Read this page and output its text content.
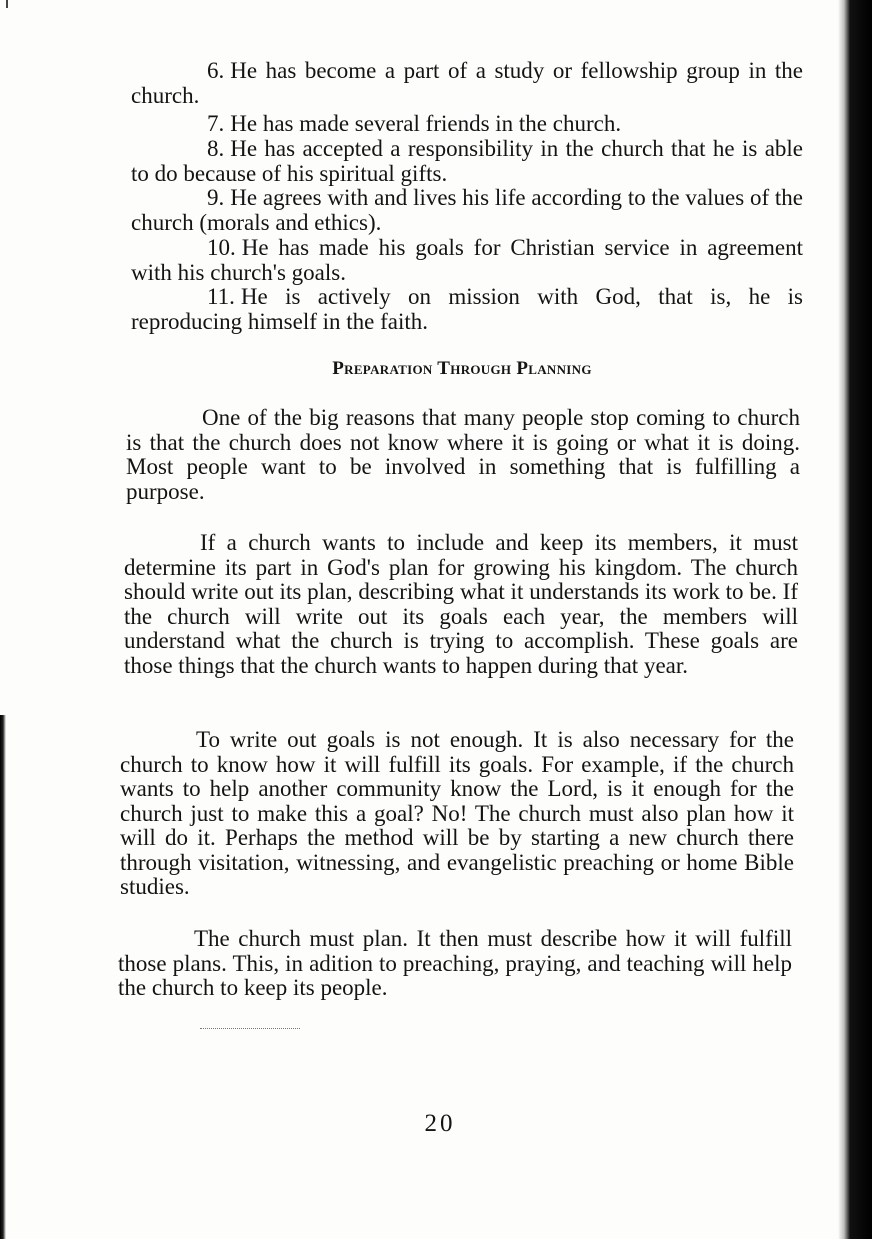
6. He has become a part of a study or fellowship group in the church.

7. He has made several friends in the church.

8. He has accepted a responsibility in the church that he is able to do because of his spiritual gifts.

9. He agrees with and lives his life according to the values of the church (morals and ethics).

10. He has made his goals for Christian service in agreement with his church's goals.

11. He is actively on mission with God, that is, he is reproducing himself in the faith.

Preparation Through Planning

One of the big reasons that many people stop coming to church is that the church does not know where it is going or what it is doing. Most people want to be involved in something that is fulfilling a purpose.

If a church wants to include and keep its members, it must determine its part in God's plan for growing his kingdom. The church should write out its plan, describing what it understands its work to be. If the church will write out its goals each year, the members will understand what the church is trying to accomplish. These goals are those things that the church wants to happen during that year.

To write out goals is not enough. It is also necessary for the church to know how it will fulfill its goals. For example, if the church wants to help another community know the Lord, is it enough for the church just to make this a goal? No! The church must also plan how it will do it. Perhaps the method will be by starting a new church there through visitation, witnessing, and evangelistic preaching or home Bible studies.

The church must plan. It then must describe how it will fulfill those plans. This, in adition to preaching, praying, and teaching will help the church to keep its people.

20
